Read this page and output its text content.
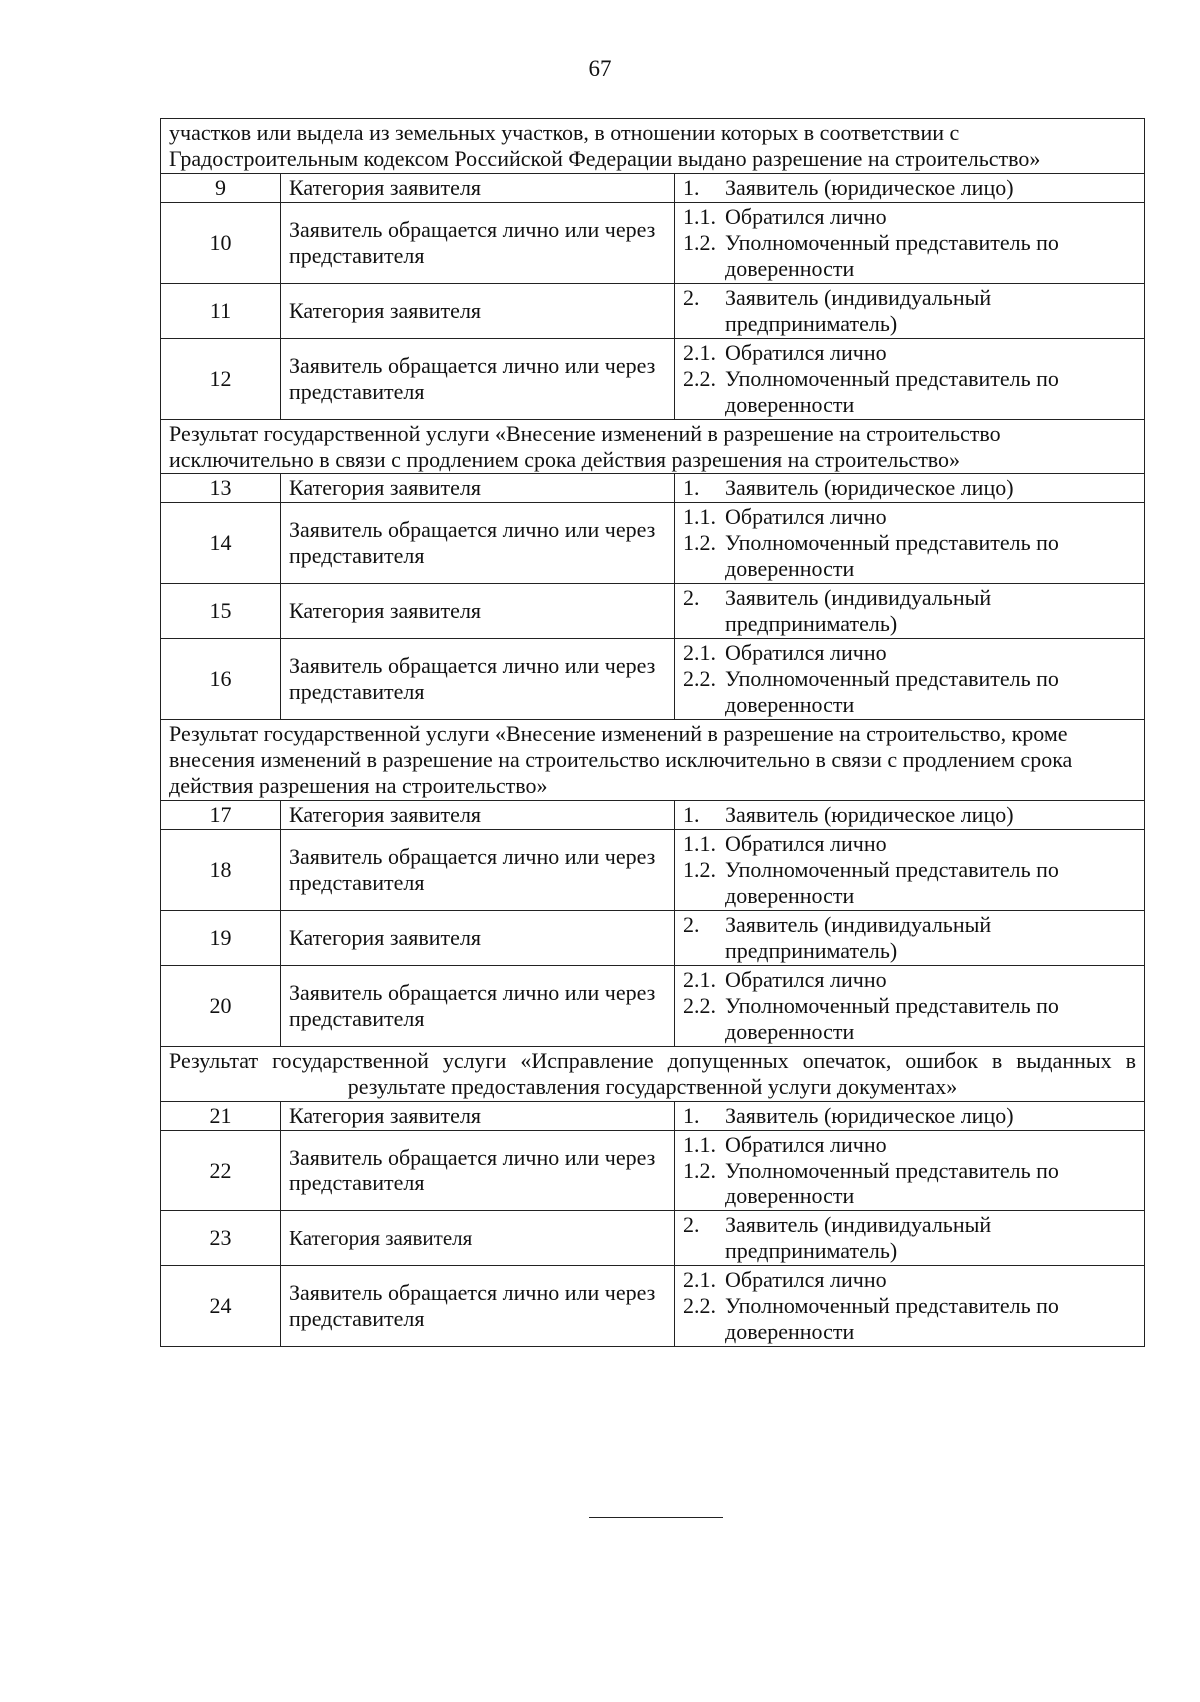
67
участков или выдела из земельных участков, в отношении которых в соответствии с Градостроительным кодексом Российской Федерации выдано разрешение на строительство»		
9	Категория заявителя	1. Заявитель (юридическое лицо)

10	Заявитель обращается лично или через представителя	1.1. Обратился лично
1.2. Уполномоченный представитель по доверенности

11	Категория заявителя	2. Заявитель (индивидуальный предприниматель)

12	Заявитель обращается лично или через представителя	2.1. Обратился лично
2.2. Уполномоченный представитель по доверенности

Результат государственной услуги «Внесение изменений в разрешение на строительство исключительно в связи с продлением срока действия разрешения на строительство»		
13	Категория заявителя	1. Заявитель (юридическое лицо)

14	Заявитель обращается лично или через представителя	1.1. Обратился лично
1.2. Уполномоченный представитель по доверенности

15	Категория заявителя	2. Заявитель (индивидуальный предприниматель)

16	Заявитель обращается лично или через представителя	2.1. Обратился лично
2.2. Уполномоченный представитель по доверенности

Результат государственной услуги «Внесение изменений в разрешение на строительство, кроме внесения изменений в разрешение на строительство исключительно в связи с продлением срока действия разрешения на строительство»		
17	Категория заявителя	1. Заявитель (юридическое лицо)

18	Заявитель обращается лично или через представителя	1.1. Обратился лично
1.2. Уполномоченный представитель по доверенности

19	Категория заявителя	2. Заявитель (индивидуальный предприниматель)

20	Заявитель обращается лично или через представителя	2.1. Обратился лично
2.2. Уполномоченный представитель по доверенности

Результат государственной услуги «Исправление допущенных опечаток, ошибок в выданных в результате предоставления государственной услуги документах»		
21	Категория заявителя	1. Заявитель (юридическое лицо)

22	Заявитель обращается лично или через представителя	1.1. Обратился лично
1.2. Уполномоченный представитель по доверенности

23	Категория заявителя	2. Заявитель (индивидуальный предприниматель)

24	Заявитель обращается лично или через представителя	2.1. Обратился лично
2.2. Уполномоченный представитель по доверенности
